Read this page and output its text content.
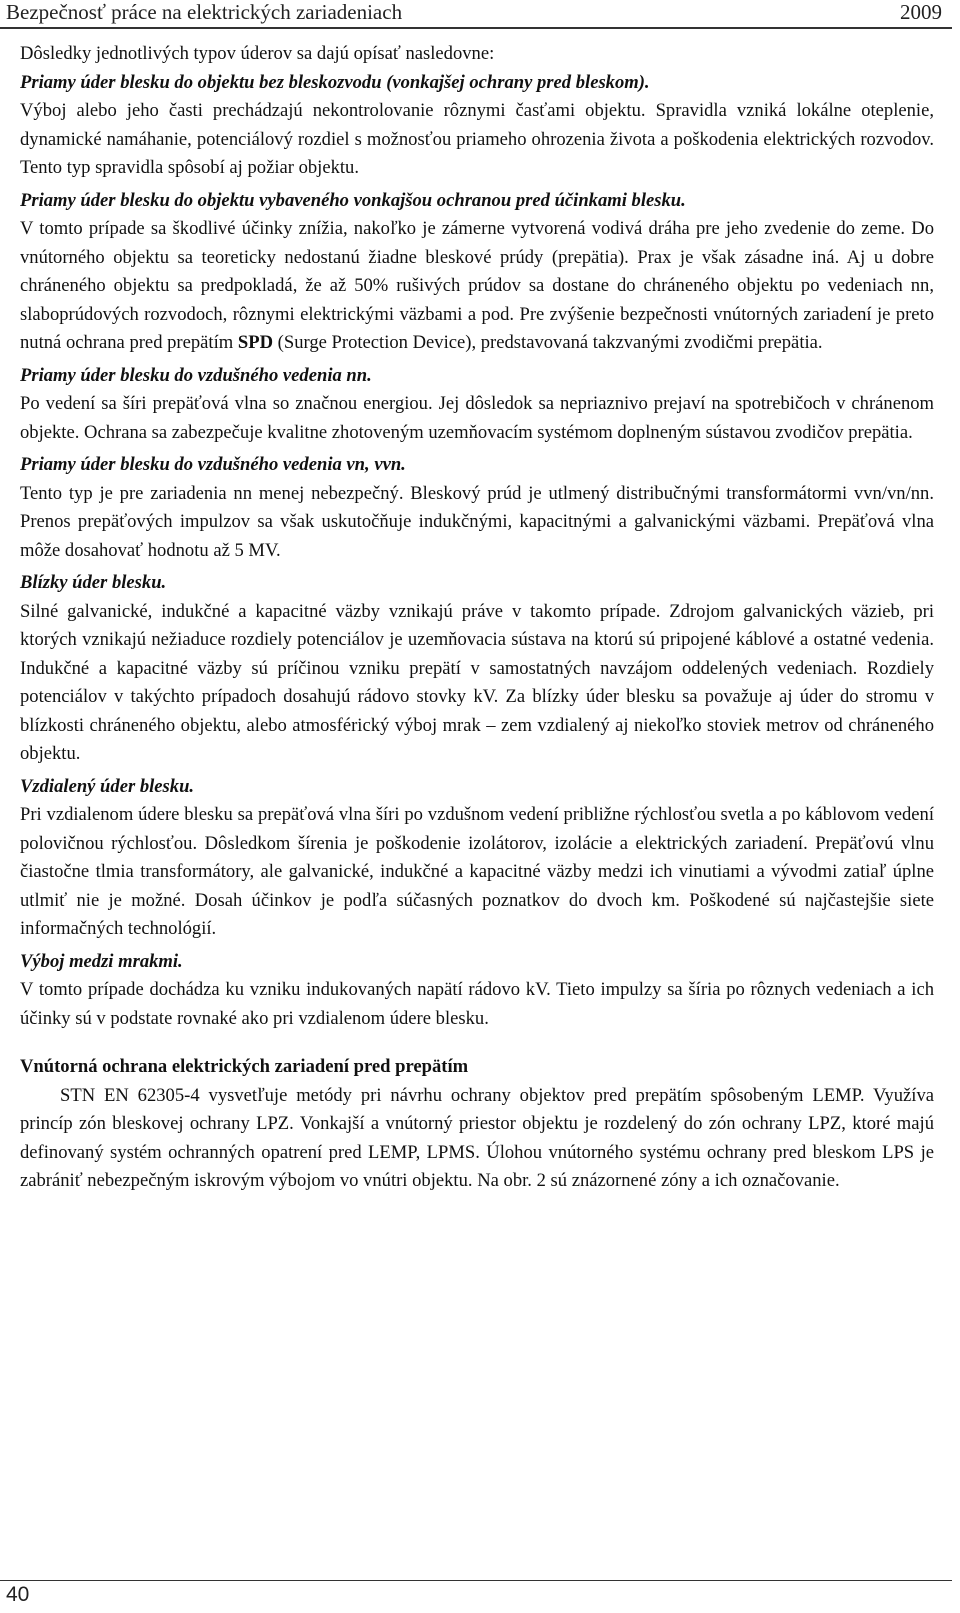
Bezpečnosť práce na elektrických zariadeniach	2009

Dôsledky jednotlivých typov úderov sa dajú opísať nasledovne:

Priamy úder blesku do objektu bez bleskozvodu (vonkajšej ochrany pred bleskom).

Výboj alebo jeho časti prechádzajú nekontrolovanie rôznymi časťami objektu. Spravidla vzniká lokálne oteplenie, dynamické namáhanie, potenciálový rozdiel s možnosťou priameho ohrozenia života a poškodenia elektrických rozvodov. Tento typ spravidla spôsobí aj požiar objektu.

Priamy úder blesku do objektu vybaveného vonkajšou ochranou pred účinkami blesku.

V tomto prípade sa škodlivé účinky znížia, nakoľko je zámerne vytvorená vodivá dráha pre jeho zvedenie do zeme. Do vnútorného objektu sa teoreticky nedostanú žiadne bleskové prúdy (prepätia). Prax je však zásadne iná. Aj u dobre chráneného objektu sa predpokladá, že až 50% rušivých prúdov sa dostane do chráneného objektu po vedeniach nn, slaboprúdových rozvodoch, rôznymi elektrickými väzbami a pod. Pre zvýšenie bezpečnosti vnútorných zariadení je preto nutná ochrana pred prepätím SPD (Surge Protection Device), predstavovaná takzvanými zvodičmi prepätia.

Priamy úder blesku do vzdušného vedenia nn.

Po vedení sa šíri prepäťová vlna so značnou energiou. Jej dôsledok sa nepriaznivo prejaví na spotrebičoch v chránenom objekte. Ochrana sa zabezpečuje kvalitne zhotoveným uzemňovacím systémom doplneným sústavou zvodičov prepätia.

Priamy úder blesku do vzdušného vedenia vn, vvn.

Tento typ je pre zariadenia nn menej nebezpečný. Bleskový prúd je utlmený distribučnými transformátormi vvn/vn/nn. Prenos prepäťových impulzov sa však uskutočňuje indukčnými, kapacitnými a galvanickými väzbami. Prepäťová vlna môže dosahovať hodnotu až 5 MV.

Blízky úder blesku.

Silné galvanické, indukčné a kapacitné väzby vznikajú práve v takomto prípade. Zdrojom galvanických väzieb, pri ktorých vznikajú nežiaduce rozdiely potenciálov je uzemňovacia sústava na ktorú sú pripojené káblové a ostatné vedenia. Indukčné a kapacitné väzby sú príčinou vzniku prepätí v samostatných navzájom oddelených vedeniach. Rozdiely potenciálov v takýchto prípadoch dosahujú rádovo stovky kV. Za blízky úder blesku sa považuje aj úder do stromu v blízkosti chráneného objektu, alebo atmosférický výboj mrak – zem vzdialený aj niekoľko stoviek metrov od chráneného objektu.

Vzdialený úder blesku.

Pri vzdialenom údere blesku sa prepäťová vlna šíri po vzdušnom vedení približne rýchlosťou svetla a po káblovom vedení polovičnou rýchlosťou. Dôsledkom šírenia je poškodenie izolátorov, izolácie a elektrických zariadení. Prepäťovú vlnu čiastočne tlmia transformátory, ale galvanické, indukčné a kapacitné väzby medzi ich vinutiami a vývodmi zatiaľ úplne utlmiť nie je možné. Dosah účinkov je podľa súčasných poznatkov do dvoch km. Poškodené sú najčastejšie siete informačných technológií.

Výboj medzi mrakmi.

V tomto prípade dochádza ku vzniku indukovaných napätí rádovo kV. Tieto impulzy sa šíria po rôznych vedeniach a ich účinky sú v podstate rovnaké ako pri vzdialenom údere blesku.

Vnútorná ochrana elektrických zariadení pred prepätím

STN EN 62305-4 vysvetľuje metódy pri návrhu ochrany objektov pred prepätím spôsobeným LEMP. Využíva princíp zón bleskovej ochrany LPZ. Vonkajší a vnútorný priestor objektu je rozdelený do zón ochrany LPZ, ktoré majú definovaný systém ochranných opatrení pred LEMP, LPMS. Úlohou vnútorného systému ochrany pred bleskom LPS je zabrániť nebezpečným iskrovým výbojom vo vnútri objektu. Na obr. 2 sú znázornené zóny a ich označovanie.

40
